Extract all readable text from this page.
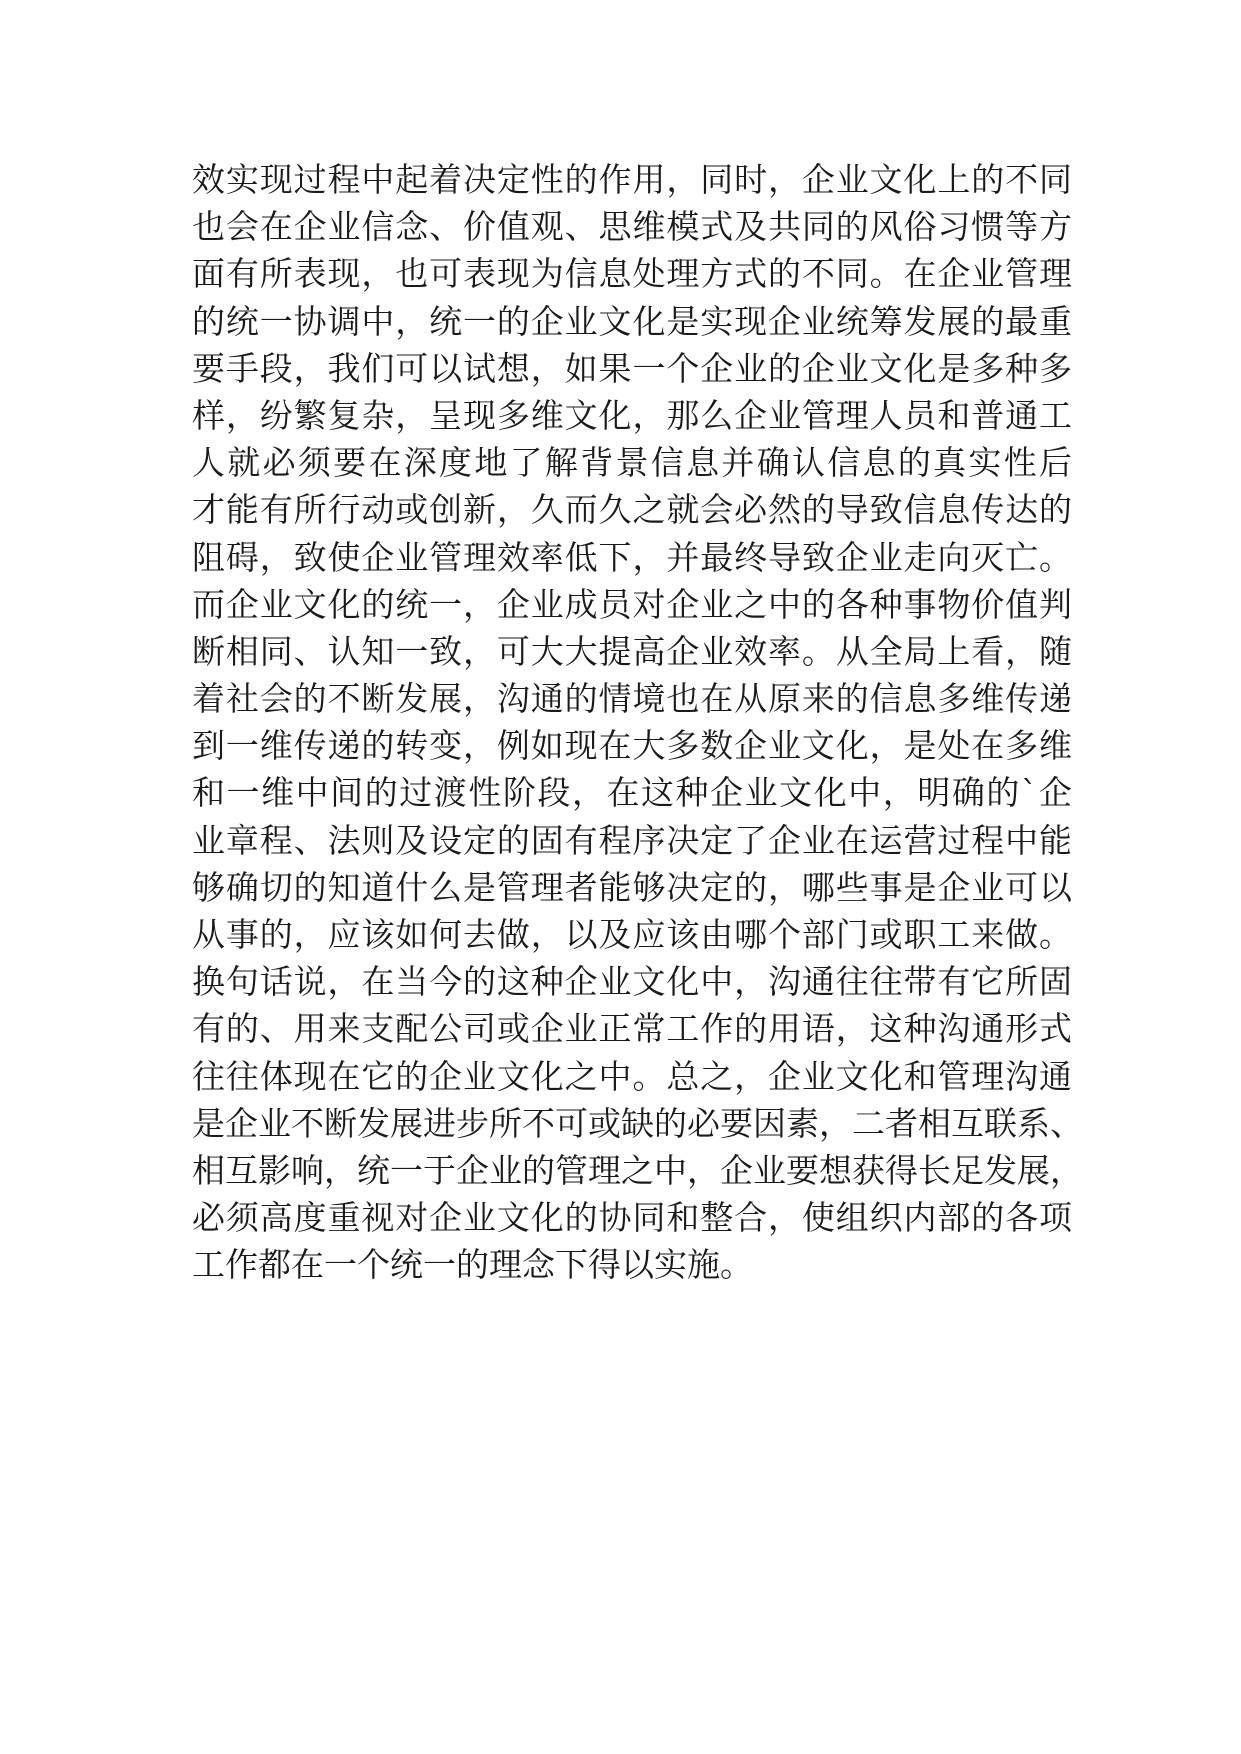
效实现过程中起着决定性的作用，同时，企业文化上的不同
也会在企业信念、价值观、思维模式及共同的风俗习惯等方
面有所表现，也可表现为信息处理方式的不同。在企业管理
的统一协调中，统一的企业文化是实现企业统筹发展的最重
要手段，我们可以试想，如果一个企业的企业文化是多种多
样，纷繁复杂，呈现多维文化，那么企业管理人员和普通工
人就必须要在深度地了解背景信息并确认信息的真实性后
才能有所行动或创新，久而久之就会必然的导致信息传达的
阻碍，致使企业管理效率低下，并最终导致企业走向灭亡。
而企业文化的统一，企业成员对企业之中的各种事物价值判
断相同、认知一致，可大大提高企业效率。从全局上看，随
着社会的不断发展，沟通的情境也在从原来的信息多维传递
到一维传递的转变，例如现在大多数企业文化，是处在多维
和一维中间的过渡性阶段，在这种企业文化中，明确的`企
业章程、法则及设定的固有程序决定了企业在运营过程中能
够确切的知道什么是管理者能够决定的，哪些事是企业可以
从事的，应该如何去做，以及应该由哪个部门或职工来做。
换句话说，在当今的这种企业文化中，沟通往往带有它所固
有的、用来支配公司或企业正常工作的用语，这种沟通形式
往往体现在它的企业文化之中。总之，企业文化和管理沟通
是企业不断发展进步所不可或缺的必要因素，二者相互联系、
相互影响，统一于企业的管理之中，企业要想获得长足发展，
必须高度重视对企业文化的协同和整合，使组织内部的各项
工作都在一个统一的理念下得以实施。
